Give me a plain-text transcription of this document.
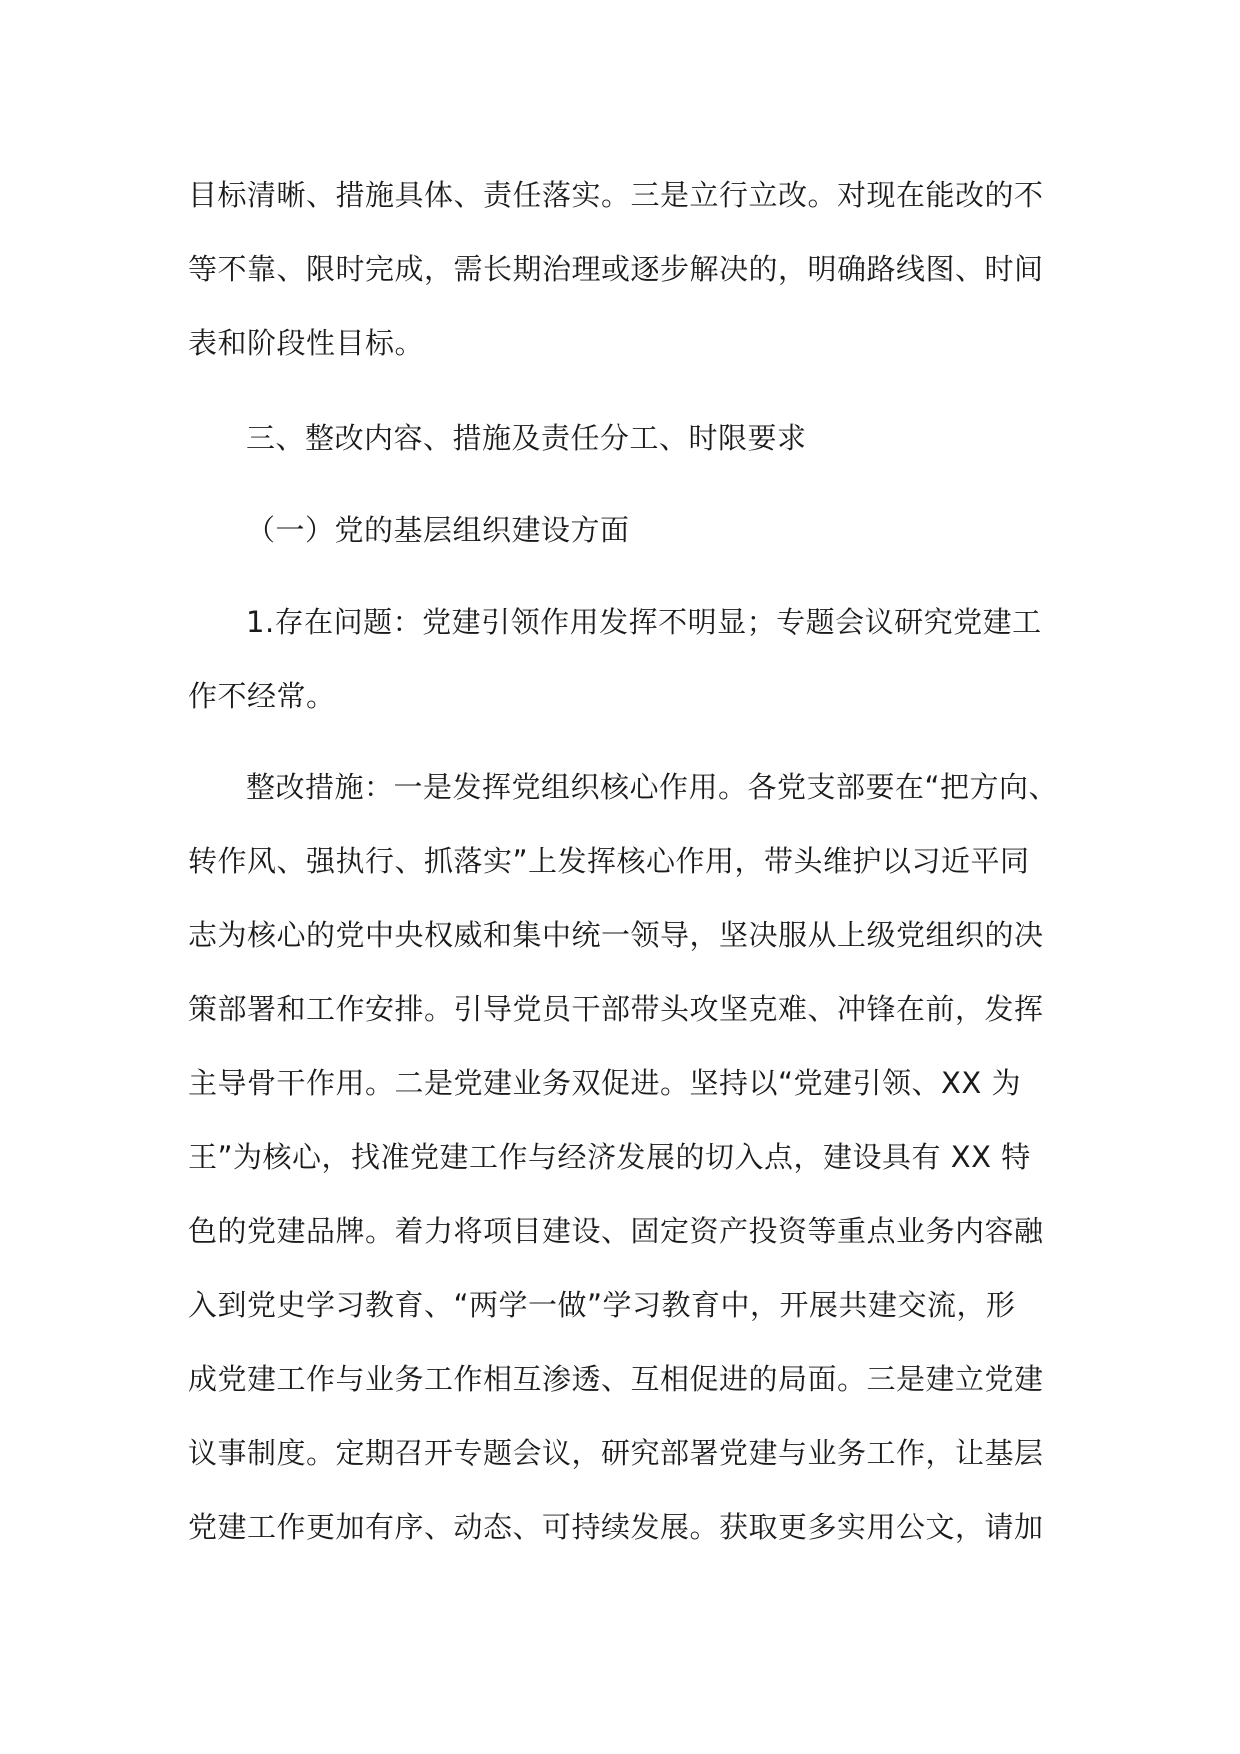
目标清晰、措施具体、责任落实。三是立行立改。对现在能改的不
等不靠、限时完成，需长期治理或逐步解决的，明确路线图、时间
表和阶段性目标。
三、整改内容、措施及责任分工、时限要求
（一）党的基层组织建设方面
1.存在问题：党建引领作用发挥不明显；专题会议研究党建工
作不经常。
整改措施：一是发挥党组织核心作用。各党支部要在“把方向、
转作风、强执行、抓落实”上发挥核心作用，带头维护以习近平同
志为核心的党中央权威和集中统一领导，坚决服从上级党组织的决
策部署和工作安排。引导党员干部带头攻坚克难、冲锋在前，发挥
主导骨干作用。二是党建业务双促进。坚持以“党建引领、XX 为
王”为核心，找准党建工作与经济发展的切入点，建设具有 XX 特
色的党建品牌。着力将项目建设、固定资产投资等重点业务内容融
入到党史学习教育、“两学一做”学习教育中，开展共建交流，形
成党建工作与业务工作相互渗透、互相促进的局面。三是建立党建
议事制度。定期召开专题会议，研究部署党建与业务工作，让基层
党建工作更加有序、动态、可持续发展。获取更多实用公文，请加
